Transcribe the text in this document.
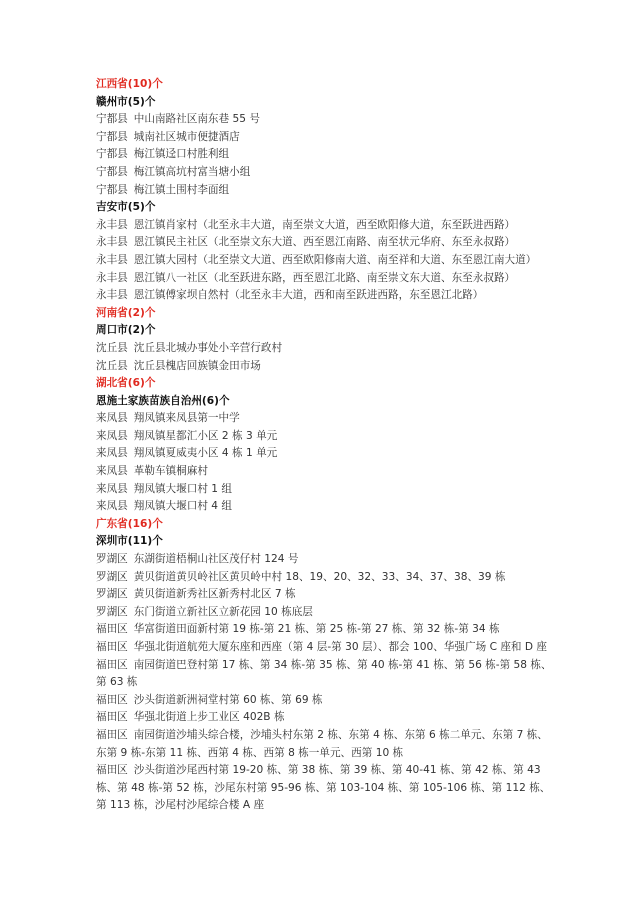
江西省(10)个
赣州市(5)个
宁都县 中山南路社区南东巷 55 号
宁都县 城南社区城市便捷酒店
宁都县 梅江镇迳口村胜利组
宁都县 梅江镇高坑村富当塘小组
宁都县 梅江镇土围村李面组
吉安市(5)个
永丰县 恩江镇肖家村（北至永丰大道，南至崇文大道，西至欧阳修大道，东至跃进西路）
永丰县 恩江镇民主社区（北至崇文东大道、西至恩江南路、南至状元华府、东至永叔路）
永丰县 恩江镇大园村（北至崇文大道、西至欧阳修南大道、南至祥和大道、东至恩江南大道）
永丰县 恩江镇八一社区（北至跃进东路，西至恩江北路、南至崇文东大道、东至永叔路）
永丰县 恩江镇傅家坝自然村（北至永丰大道，西和南至跃进西路，东至恩江北路）
河南省(2)个
周口市(2)个
沈丘县 沈丘县北城办事处小辛营行政村
沈丘县 沈丘县槐店回族镇金田市场
湖北省(6)个
恩施土家族苗族自治州(6)个
来凤县 翔凤镇来凤县第一中学
来凤县 翔凤镇星都汇小区 2 栋 3 单元
来凤县 翔凤镇夏威夷小区 4 栋 1 单元
来凤县 革勒车镇桐麻村
来凤县 翔凤镇大堰口村 1 组
来凤县 翔凤镇大堰口村 4 组
广东省(16)个
深圳市(11)个
罗湖区 东湖街道梧桐山社区茂仔村 124 号
罗湖区 黄贝街道黄贝岭社区黄贝岭中村 18、19、20、32、33、34、37、38、39 栋
罗湖区 黄贝街道新秀社区新秀村北区 7 栋
罗湖区 东门街道立新社区立新花园 10 栋底层
福田区 华富街道田面新村第 19 栋-第 21 栋、第 25 栋-第 27 栋、第 32 栋-第 34 栋
福田区 华强北街道航苑大厦东座和西座（第 4 层-第 30 层）、都会 100、华强广场 C 座和 D 座
福田区 南园街道巴登村第 17 栋、第 34 栋-第 35 栋、第 40 栋-第 41 栋、第 56 栋-第 58 栋、第 63 栋
福田区 沙头街道新洲祠堂村第 60 栋、第 69 栋
福田区 华强北街道上步工业区 402B 栋
福田区 南园街道沙埔头综合楼，沙埔头村东第 2 栋、东第 4 栋、东第 6 栋二单元、东第 7 栋、东第 9 栋-东第 11 栋、西第 4 栋、西第 8 栋一单元、西第 10 栋
福田区 沙头街道沙尾西村第 19-20 栋、第 38 栋、第 39 栋、第 40-41 栋、第 42 栋、第 43 栋、第 48 栋-第 52 栋，沙尾东村第 95-96 栋、第 103-104 栋、第 105-106 栋、第 112 栋、第 113 栋，沙尾村沙尾综合楼 A 座
